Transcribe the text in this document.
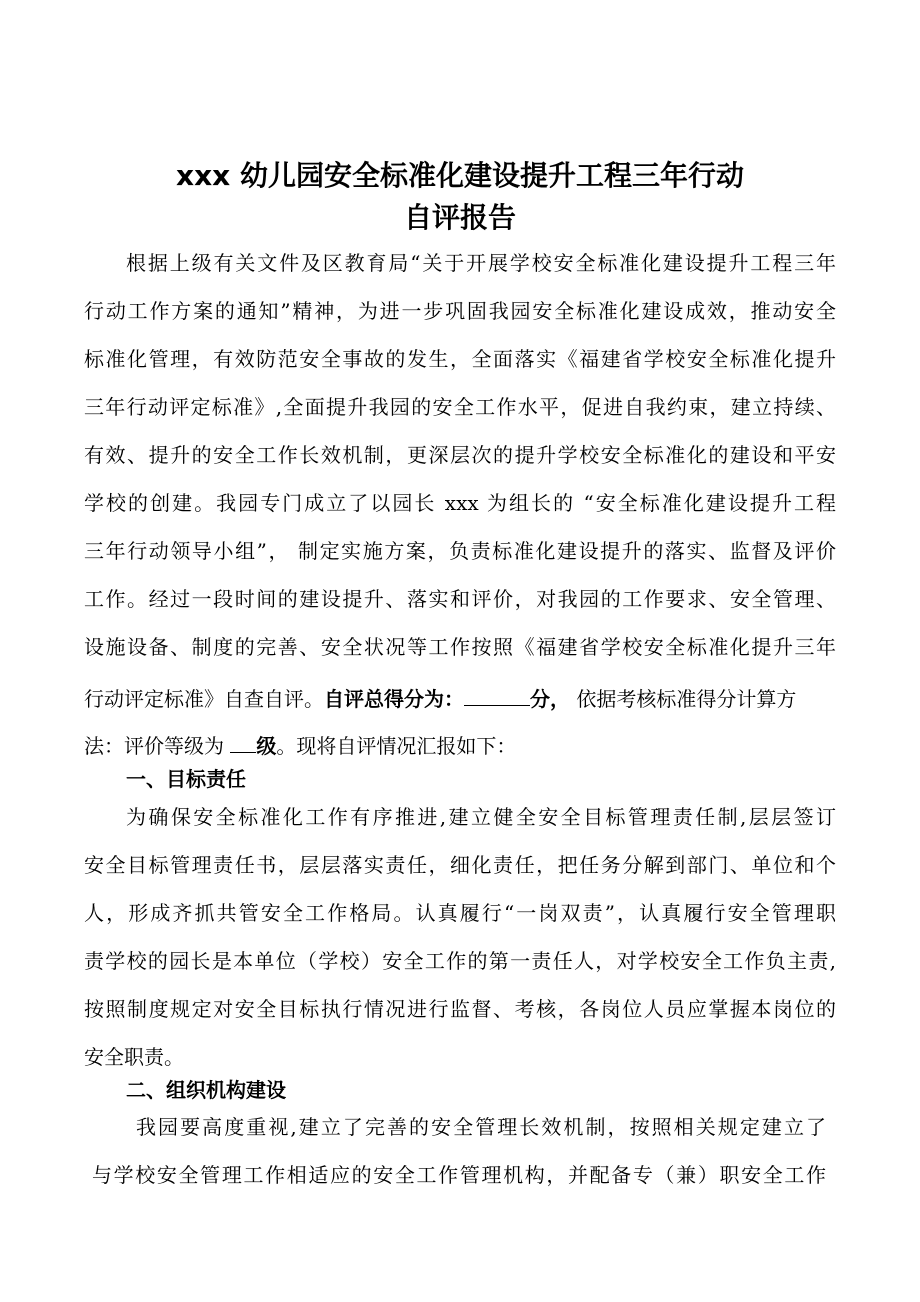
xxx 幼儿园安全标准化建设提升工程三年行动
自评报告
根据上级有关文件及区教育局“关于开展学校安全标准化建设提升工程三年
行动工作方案的通知”精神，为进一步巩固我园安全标准化建设成效，推动安全
标准化管理，有效防范安全事故的发生，全面落实《福建省学校安全标准化提升
三年行动评定标准》,全面提升我园的安全工作水平，促进自我约束，建立持续、
有效、提升的安全工作长效机制，更深层次的提升学校安全标准化的建设和平安
学校的创建。我园专门成立了以园长 xxx 为组长的 “安全标准化建设提升工程
三年行动领导小组”， 制定实施方案，负责标准化建设提升的落实、监督及评价
工作。经过一段时间的建设提升、落实和评价，对我园的工作要求、安全管理、
设施设备、制度的完善、安全状况等工作按照《福建省学校安全标准化提升三年
行动评定标准》自查自评。自评总得分为：	分， 依据考核标准得分计算方
法：评价等级为 级。现将自评情况汇报如下：
一、目标责任
为确保安全标准化工作有序推进,建立健全安全目标管理责任制,层层签订
安全目标管理责任书，层层落实责任，细化责任，把任务分解到部门、单位和个
人，形成齐抓共管安全工作格局。认真履行“一岗双责”，认真履行安全管理职
责学校的园长是本单位（学校）安全工作的第一责任人，对学校安全工作负主责,
按照制度规定对安全目标执行情况进行监督、考核，各岗位人员应掌握本岗位的
安全职责。
二、组织机构建设
我园要高度重视,建立了完善的安全管理长效机制，按照相关规定建立了
与学校安全管理工作相适应的安全工作管理机构，并配备专（兼）职安全工作
